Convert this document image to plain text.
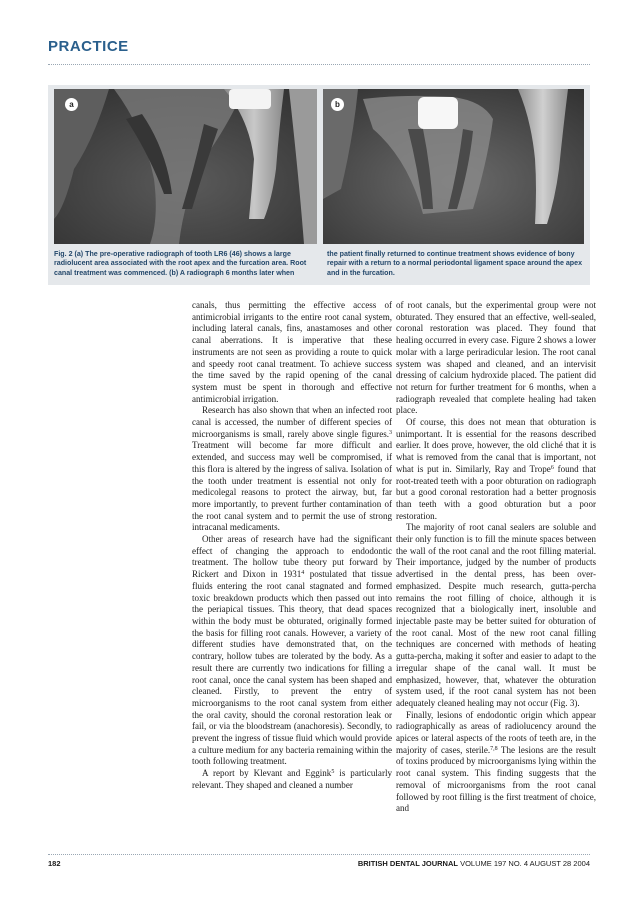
PRACTICE
a	b
Fig. 2 (a) The pre-operative radiograph of tooth LR6 (46) shows a large radiolucent area associated with the root apex and the furcation area. Root canal treatment was commenced. (b) A radiograph 6 months later when
the patient finally returned to continue treatment shows evidence of bony repair with a return to a normal periodontal ligament space around the apex and in the furcation.

canals, thus permitting the effective access of antimicrobial irrigants to the entire root canal system, including lateral canals, fins, anastamoses and other canal aberrations. It is imperative that these instruments are not seen as providing a route to quick and speedy root canal treatment. To achieve success the time saved by the rapid opening of the canal system must be spent in thorough and effective antimicrobial irrigation.

Research has also shown that when an infected root canal is accessed, the number of different species of microorganisms is small, rarely above single figures.$^3$ Treatment will become far more difficult and extended, and success may well be compromised, if this flora is altered by the ingress of saliva. Isolation of the tooth under treatment is essential not only for medicolegal reasons to protect the airway, but, far more importantly, to prevent further contamination of the root canal system and to permit the use of strong intracanal medicaments.

Other areas of research have had the significant effect of changing the approach to endodontic treatment. The hollow tube theory put forward by Rickert and Dixon in 1931$^4$ postulated that tissue fluids entering the root canal stagnated and formed toxic breakdown products which then passed out into the periapical tissues. This theory, that dead spaces within the body must be obturated, originally formed the basis for filling root canals. However, a variety of different studies have demonstrated that, on the contrary, hollow tubes are tolerated by the body. As a result there are currently two indications for filling a root canal, once the canal system has been shaped and cleaned. Firstly, to prevent the entry of microorganisms to the root canal system from either the oral cavity, should the coronal restoration leak or fail, or via the bloodstream (anachoresis). Secondly, to prevent the ingress of tissue fluid which would provide a culture medium for any bacteria remaining within the tooth following treatment.

A report by Klevant and Eggink$^5$ is particularly relevant. They shaped and cleaned a number

of root canals, but the experimental group were not obturated. They ensured that an effective, well-sealed, coronal restoration was placed. They found that healing occurred in every case. Figure 2 shows a lower molar with a large periradicular lesion. The root canal system was shaped and cleaned, and an intervisit dressing of calcium hydroxide placed. The patient did not return for further treatment for 6 months, when a radiograph revealed that complete healing had taken place.

Of course, this does not mean that obturation is unimportant. It is essential for the reasons described earlier. It does prove, however, the old cliché that it is what is removed from the canal that is important, not what is put in. Similarly, Ray and Trope$^6$ found that root-treated teeth with a poor obturation on radiograph but a good coronal restoration had a better prognosis than teeth with a good obturation but a poor restoration.

The majority of root canal sealers are soluble and their only function is to fill the minute spaces between the wall of the root canal and the root filling material. Their importance, judged by the number of products advertised in the dental press, has been over-emphasized. Despite much research, gutta-percha remains the root filling of choice, although it is recognized that a biologically inert, insoluble and injectable paste may be better suited for obturation of the root canal. Most of the new root canal filling techniques are concerned with methods of heating gutta-percha, making it softer and easier to adapt to the irregular shape of the canal wall. It must be emphasized, however, that, whatever the obturation system used, if the root canal system has not been adequately cleaned healing may not occur (Fig. 3).

Finally, lesions of endodontic origin which appear radiographically as areas of radiolucency around the apices or lateral aspects of the roots of teeth are, in the majority of cases, sterile.$^{7,8}$ The lesions are the result of toxins produced by microorganisms lying within the root canal system. This finding suggests that the removal of microorganisms from the root canal followed by root filling is the first treatment of choice, and

182	BRITISH DENTAL JOURNAL VOLUME 197 NO. 4 AUGUST 28 2004
